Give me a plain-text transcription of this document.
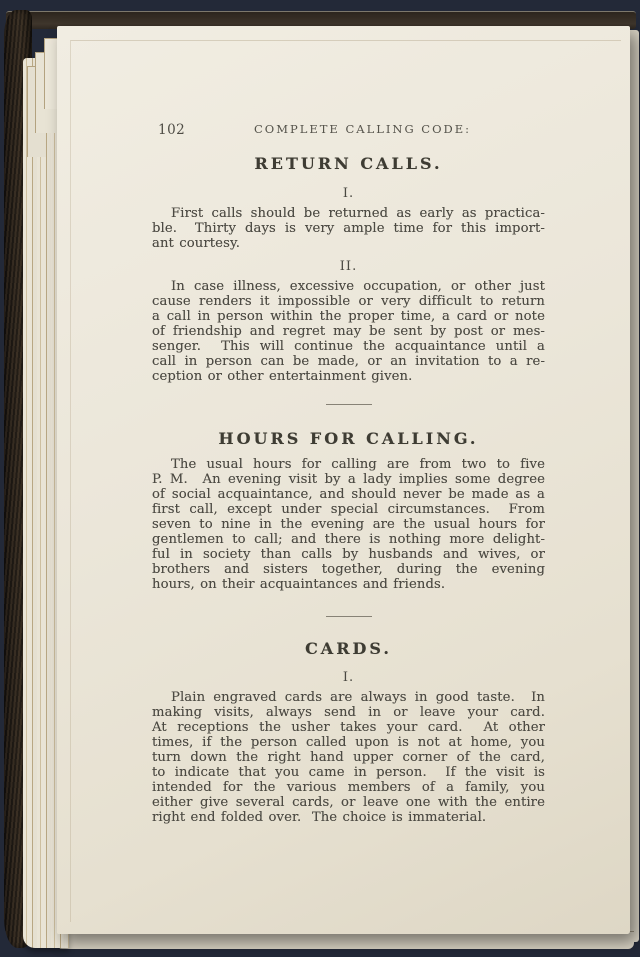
102	COMPLETE CALLING CODE:
RETURN CALLS.
I.
First calls should be returned as early as practica-
ble.  Thirty days is very ample time for this import-
ant courtesy.
II.
In case illness, excessive occupation, or other just
cause renders it impossible or very difficult to return
a call in person within the proper time, a card or note
of friendship and regret may be sent by post or mes-
senger.  This will continue the acquaintance until a
call in person can be made, or an invitation to a re-
ception or other entertainment given.
HOURS FOR CALLING.
The usual hours for calling are from two to five
P. M.  An evening visit by a lady implies some degree
of social acquaintance, and should never be made as a
first call, except under special circumstances.  From
seven to nine in the evening are the usual hours for
gentlemen to call; and there is nothing more delight-
ful in society than calls by husbands and wives, or
brothers and sisters together, during the evening
hours, on their acquaintances and friends.
CARDS.
I.
Plain engraved cards are always in good taste.  In
making visits, always send in or leave your card.
At receptions the usher takes your card.  At other
times, if the person called upon is not at home, you
turn down the right hand upper corner of the card,
to indicate that you came in person.  If the visit is
intended for the various members of a family, you
either give several cards, or leave one with the entire
right end folded over.  The choice is immaterial.
